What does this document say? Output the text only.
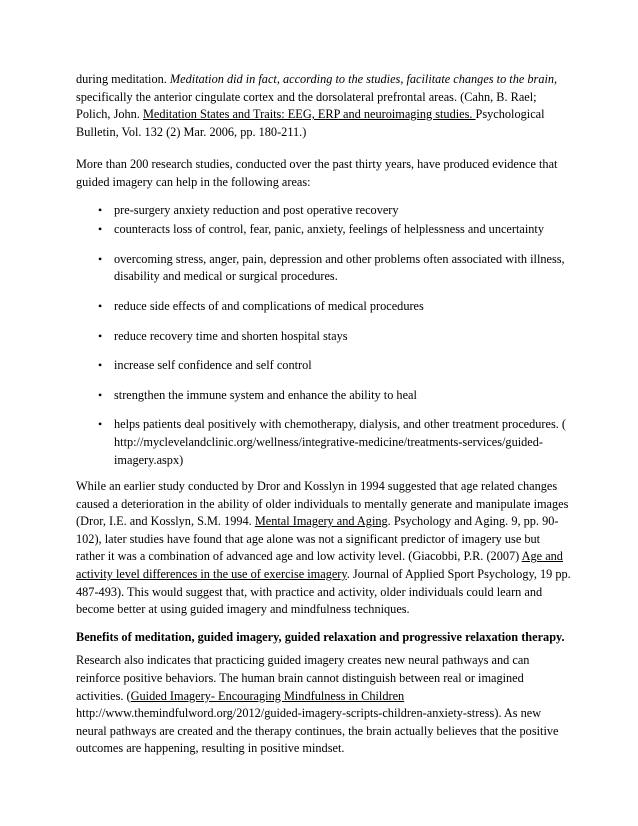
during meditation. Meditation did in fact, according to the studies, facilitate changes to the brain, specifically the anterior cingulate cortex and the dorsolateral prefrontal areas. (Cahn, B. Rael; Polich, John. Meditation States and Traits: EEG, ERP and neuroimaging studies. Psychological Bulletin, Vol. 132 (2) Mar. 2006, pp. 180-211.)

More than 200 research studies, conducted over the past thirty years, have produced evidence that guided imagery can help in the following areas:

• pre-surgery anxiety reduction and post operative recovery
• counteracts loss of control, fear, panic, anxiety, feelings of helplessness and uncertainty
• overcoming stress, anger, pain, depression and other problems often associated with illness, disability and medical or surgical procedures.
• reduce side effects of and complications of medical procedures
• reduce recovery time and shorten hospital stays
• increase self confidence and self control
• strengthen the immune system and enhance the ability to heal
• helps patients deal positively with chemotherapy, dialysis, and other treatment procedures. ( http://myclevelandclinic.org/wellness/integrative-medicine/treatments-services/guided-imagery.aspx)

While an earlier study conducted by Dror and Kosslyn in 1994 suggested that age related changes caused a deterioration in the ability of older individuals to mentally generate and manipulate images (Dror, I.E. and Kosslyn, S.M. 1994. Mental Imagery and Aging. Psychology and Aging. 9, pp. 90-102), later studies have found that age alone was not a significant predictor of imagery use but rather it was a combination of advanced age and low activity level. (Giacobbi, P.R. (2007) Age and activity level differences in the use of exercise imagery. Journal of Applied Sport Psychology, 19 pp. 487-493). This would suggest that, with practice and activity, older individuals could learn and become better at using guided imagery and mindfulness techniques.

Benefits of meditation, guided imagery, guided relaxation and progressive relaxation therapy.

Research also indicates that practicing guided imagery creates new neural pathways and can reinforce positive behaviors. The human brain cannot distinguish between real or imagined activities. (Guided Imagery- Encouraging Mindfulness in Children http://www.themindfulword.org/2012/guided-imagery-scripts-children-anxiety-stress). As new neural pathways are created and the therapy continues, the brain actually believes that the positive outcomes are happening, resulting in positive mindset.
